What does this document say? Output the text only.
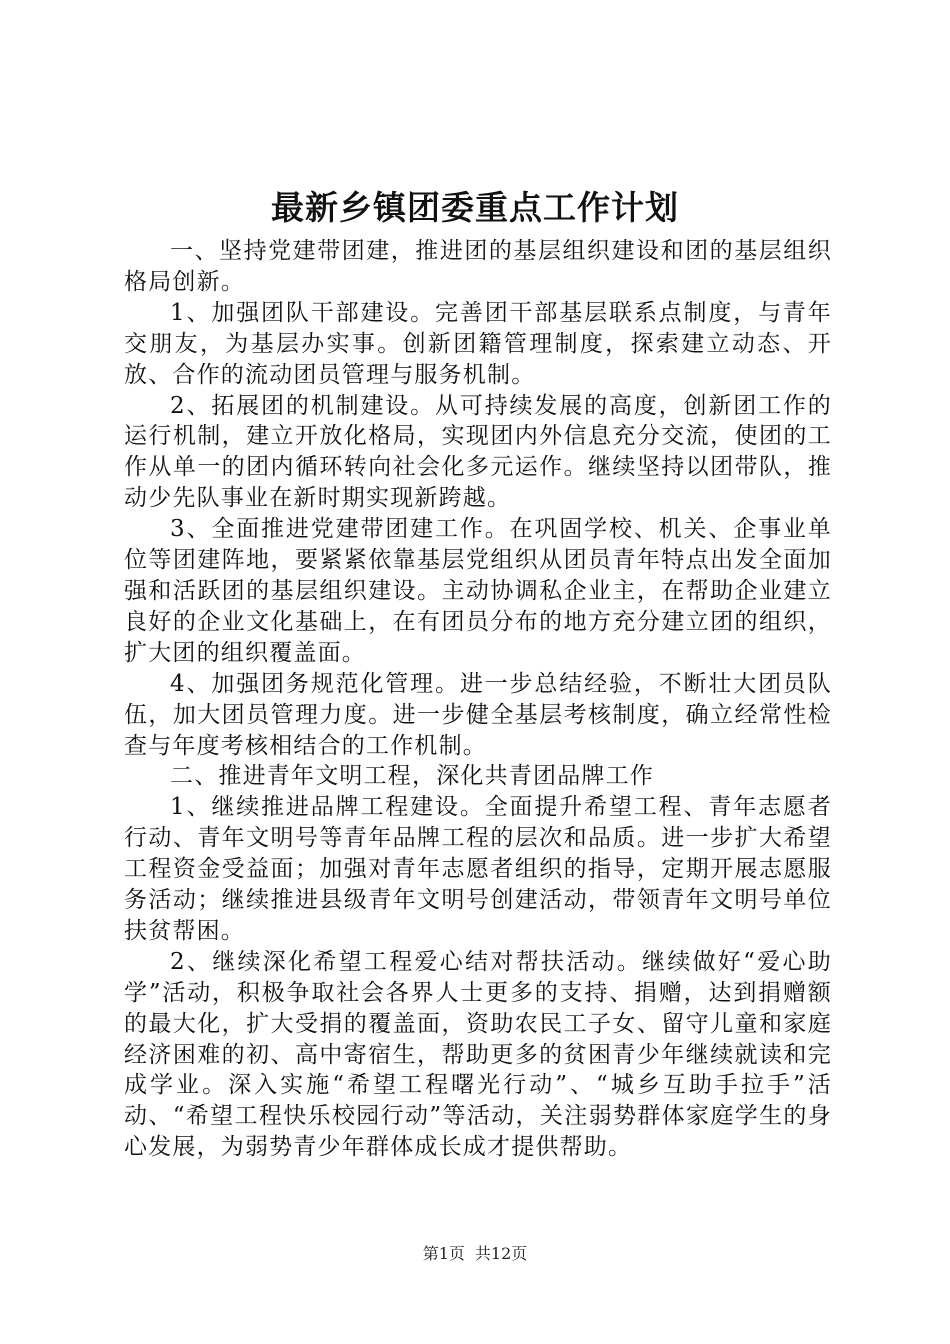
最新乡镇团委重点工作计划

一、坚持党建带团建，推进团的基层组织建设和团的基层组织格局创新。

1、加强团队干部建设。完善团干部基层联系点制度，与青年交朋友，为基层办实事。创新团籍管理制度，探索建立动态、开放、合作的流动团员管理与服务机制。

2、拓展团的机制建设。从可持续发展的高度，创新团工作的运行机制，建立开放化格局，实现团内外信息充分交流，使团的工作从单一的团内循环转向社会化多元运作。继续坚持以团带队，推动少先队事业在新时期实现新跨越。

3、全面推进党建带团建工作。在巩固学校、机关、企事业单位等团建阵地，要紧紧依靠基层党组织从团员青年特点出发全面加强和活跃团的基层组织建设。主动协调私企业主，在帮助企业建立良好的企业文化基础上，在有团员分布的地方充分建立团的组织，扩大团的组织覆盖面。

4、加强团务规范化管理。进一步总结经验，不断壮大团员队伍，加大团员管理力度。进一步健全基层考核制度，确立经常性检查与年度考核相结合的工作机制。

二、推进青年文明工程，深化共青团品牌工作

1、继续推进品牌工程建设。全面提升希望工程、青年志愿者行动、青年文明号等青年品牌工程的层次和品质。进一步扩大希望工程资金受益面；加强对青年志愿者组织的指导，定期开展志愿服务活动；继续推进县级青年文明号创建活动，带领青年文明号单位扶贫帮困。

2、继续深化希望工程爱心结对帮扶活动。继续做好“爱心助学”活动，积极争取社会各界人士更多的支持、捐赠，达到捐赠额的最大化，扩大受捐的覆盖面，资助农民工子女、留守儿童和家庭经济困难的初、高中寄宿生，帮助更多的贫困青少年继续就读和完成学业。深入实施“希望工程曙光行动”、“城乡互助手拉手”活动、“希望工程快乐校园行动”等活动，关注弱势群体家庭学生的身心发展，为弱势青少年群体成长成才提供帮助。

第1页 共12页
